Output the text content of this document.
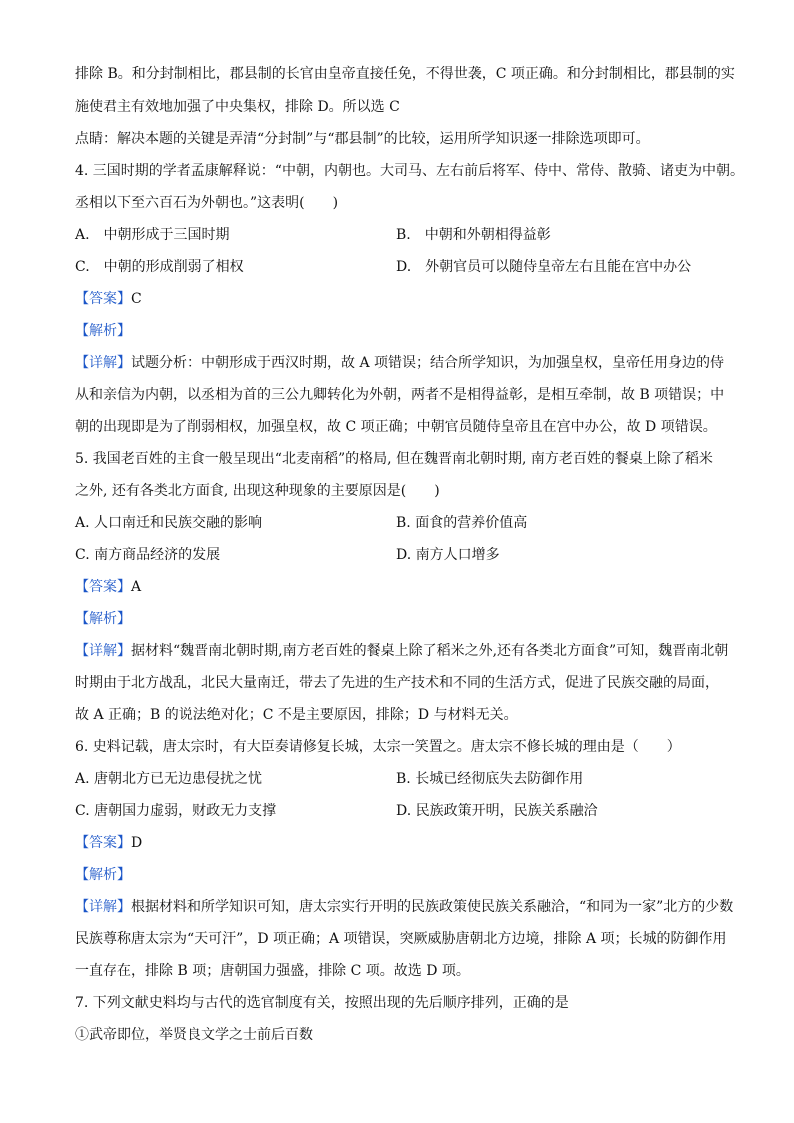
排除 B。和分封制相比，郡县制的长官由皇帝直接任免，不得世袭，C 项正确。和分封制相比，郡县制的实
施使君主有效地加强了中央集权，排除 D。所以选 C
点睛：解决本题的关键是弄清“分封制”与“郡县制”的比较，运用所学知识逐一排除选项即可。
4. 三国时期的学者孟康解释说：“中朝，内朝也。大司马、左右前后将军、侍中、常侍、散骑、诸吏为中朝。
丞相以下至六百石为外朝也。”这表明(　　)
A.　中朝形成于三国时期	B.　中朝和外朝相得益彰
C.　中朝的形成削弱了相权	D.　外朝官员可以随侍皇帝左右且能在宫中办公
【答案】C
【解析】
【详解】试题分析：中朝形成于西汉时期，故 A 项错误；结合所学知识，为加强皇权，皇帝任用身边的侍
从和亲信为内朝，以丞相为首的三公九卿转化为外朝，两者不是相得益彰，是相互牵制，故 B 项错误；中
朝的出现即是为了削弱相权，加强皇权，故 C 项正确；中朝官员随侍皇帝且在宫中办公，故 D 项错误。
5. 我国老百姓的主食一般呈现出“北麦南稻”的格局, 但在魏晋南北朝时期, 南方老百姓的餐桌上除了稻米
之外, 还有各类北方面食, 出现这种现象的主要原因是(　　)
A. 人口南迁和民族交融的影响	B. 面食的营养价值高
C. 南方商品经济的发展	D. 南方人口增多
【答案】A
【解析】
【详解】据材料“魏晋南北朝时期,南方老百姓的餐桌上除了稻米之外,还有各类北方面食”可知，魏晋南北朝
时期由于北方战乱，北民大量南迁，带去了先进的生产技术和不同的生活方式，促进了民族交融的局面，
故 A 正确；B 的说法绝对化；C 不是主要原因，排除；D 与材料无关。
6. 史料记载，唐太宗时，有大臣奏请修复长城，太宗一笑置之。唐太宗不修长城的理由是（　　）
A. 唐朝北方已无边患侵扰之忧	B. 长城已经彻底失去防御作用
C. 唐朝国力虚弱，财政无力支撑	D. 民族政策开明，民族关系融洽
【答案】D
【解析】
【详解】根据材料和所学知识可知，唐太宗实行开明的民族政策使民族关系融洽，“和同为一家”北方的少数
民族尊称唐太宗为“天可汗”，D 项正确；A 项错误，突厥威胁唐朝北方边境，排除 A 项；长城的防御作用
一直存在，排除 B 项；唐朝国力强盛，排除 C 项。故选 D 项。
7. 下列文献史料均与古代的选官制度有关，按照出现的先后顺序排列，正确的是
①武帝即位，举贤良文学之士前后百数
